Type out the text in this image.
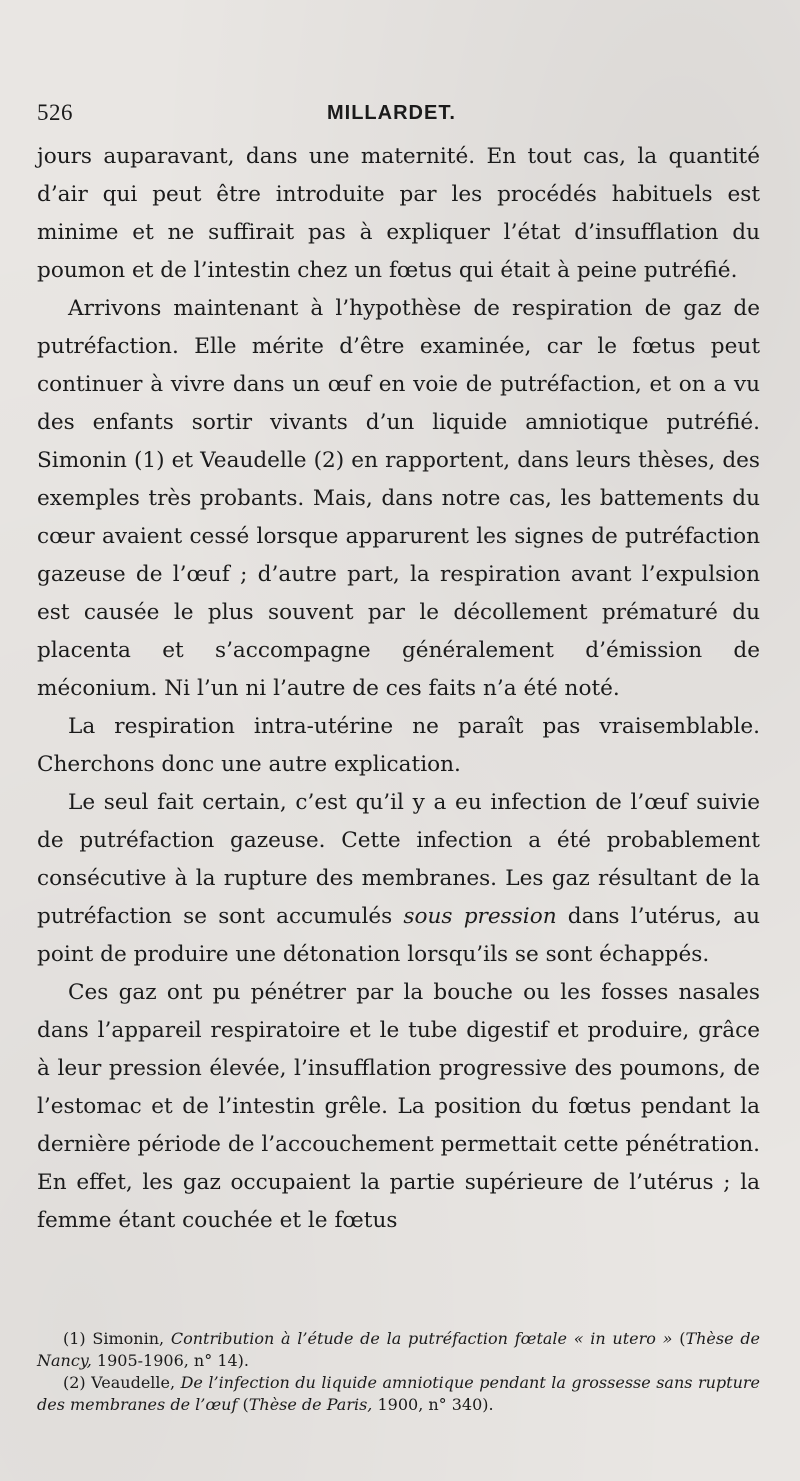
526	MILLARDET.

jours auparavant, dans une maternité. En tout cas, la quantité d’air qui peut être introduite par les procédés habituels est minime et ne suffirait pas à expliquer l’état d’insufflation du poumon et de l’intestin chez un fœtus qui était à peine putréfié.

Arrivons maintenant à l’hypothèse de respiration de gaz de putréfaction. Elle mérite d’être examinée, car le fœtus peut continuer à vivre dans un œuf en voie de putréfaction, et on a vu des enfants sortir vivants d’un liquide amniotique putréfié. Simonin (1) et Veaudelle (2) en rapportent, dans leurs thèses, des exemples très probants. Mais, dans notre cas, les battements du cœur avaient cessé lorsque apparurent les signes de putréfaction gazeuse de l’œuf ; d’autre part, la respiration avant l’expulsion est causée le plus souvent par le décollement prématuré du placenta et s’accompagne généralement d’émission de méconium. Ni l’un ni l’autre de ces faits n’a été noté.

La respiration intra-utérine ne paraît pas vraisemblable. Cherchons donc une autre explication.

Le seul fait certain, c’est qu’il y a eu infection de l’œuf suivie de putréfaction gazeuse. Cette infection a été probablement consécutive à la rupture des membranes. Les gaz résultant de la putréfaction se sont accumulés sous pression dans l’utérus, au point de produire une détonation lorsqu’ils se sont échappés.

Ces gaz ont pu pénétrer par la bouche ou les fosses nasales dans l’appareil respiratoire et le tube digestif et produire, grâce à leur pression élevée, l’insufflation progressive des poumons, de l’estomac et de l’intestin grêle. La position du fœtus pendant la dernière période de l’accouchement permettait cette pénétration. En effet, les gaz occupaient la partie supérieure de l’utérus ; la femme étant couchée et le fœtus

(1) Simonin, Contribution à l’étude de la putréfaction fœtale « in utero » (Thèse de Nancy, 1905-1906, n° 14).

(2) Veaudelle, De l’infection du liquide amniotique pendant la grossesse sans rupture des membranes de l’œuf (Thèse de Paris, 1900, n° 340).
